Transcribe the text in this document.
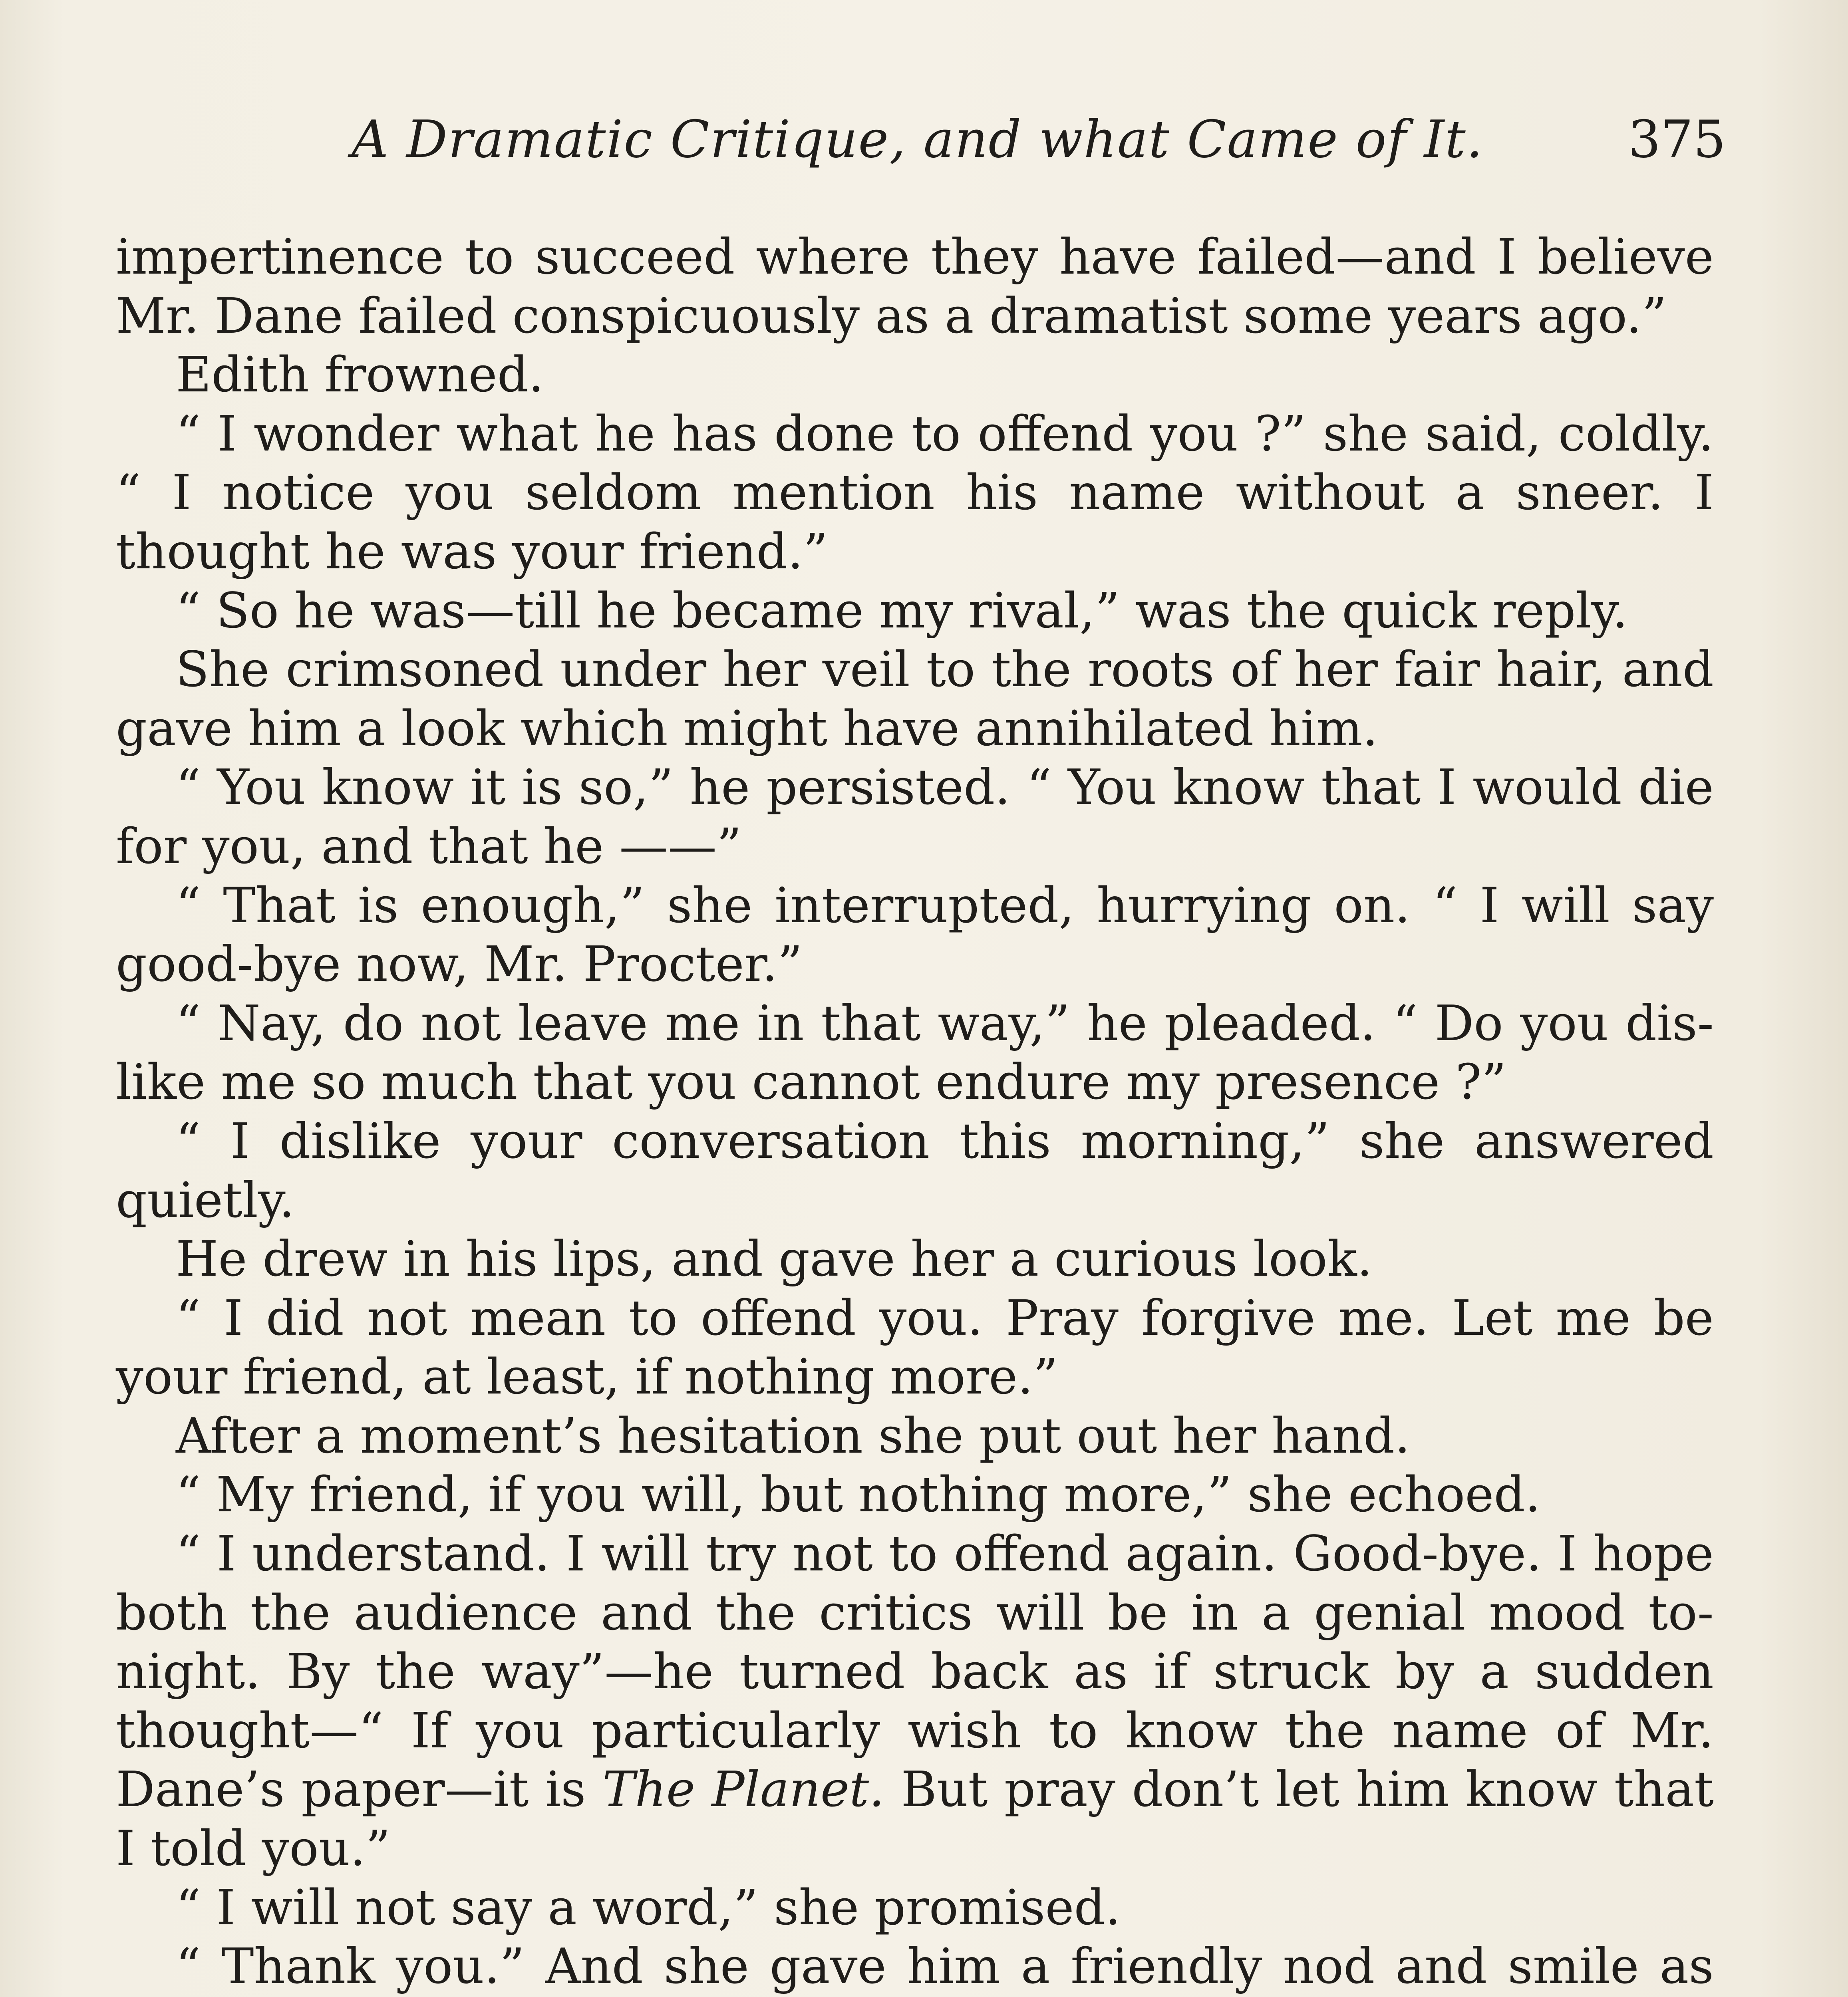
A Dramatic Critique, and what Came of It.	375

impertinence to succeed where they have failed—and I believe Mr. Dane failed conspicuously as a dramatist some years ago.”

Edith frowned.

“ I wonder what he has done to offend you ?” she said, coldly. “ I notice you seldom mention his name without a sneer. I thought he was your friend.”

“ So he was—till he became my rival,” was the quick reply.

She crimsoned under her veil to the roots of her fair hair, and gave him a look which might have annihilated him.

“ You know it is so,” he persisted. “ You know that I would die for you, and that he ——”

“ That is enough,” she interrupted, hurrying on. “ I will say good-bye now, Mr. Procter.”

“ Nay, do not leave me in that way,” he pleaded. “ Do you dis-like me so much that you cannot endure my presence ?”

“ I dislike your conversation this morning,” she answered quietly.

He drew in his lips, and gave her a curious look.

“ I did not mean to offend you. Pray forgive me. Let me be your friend, at least, if nothing more.”

After a moment’s hesitation she put out her hand.

“ My friend, if you will, but nothing more,” she echoed.

“ I understand. I will try not to offend again. Good-bye. I hope both the audience and the critics will be in a genial mood to-night. By the way”—he turned back as if struck by a sudden thought—“ If you particularly wish to know the name of Mr. Dane’s paper—it is The Planet. But pray don’t let him know that I told you.”

“ I will not say a word,” she promised.

“ Thank you.” And she gave him a friendly nod and smile as
